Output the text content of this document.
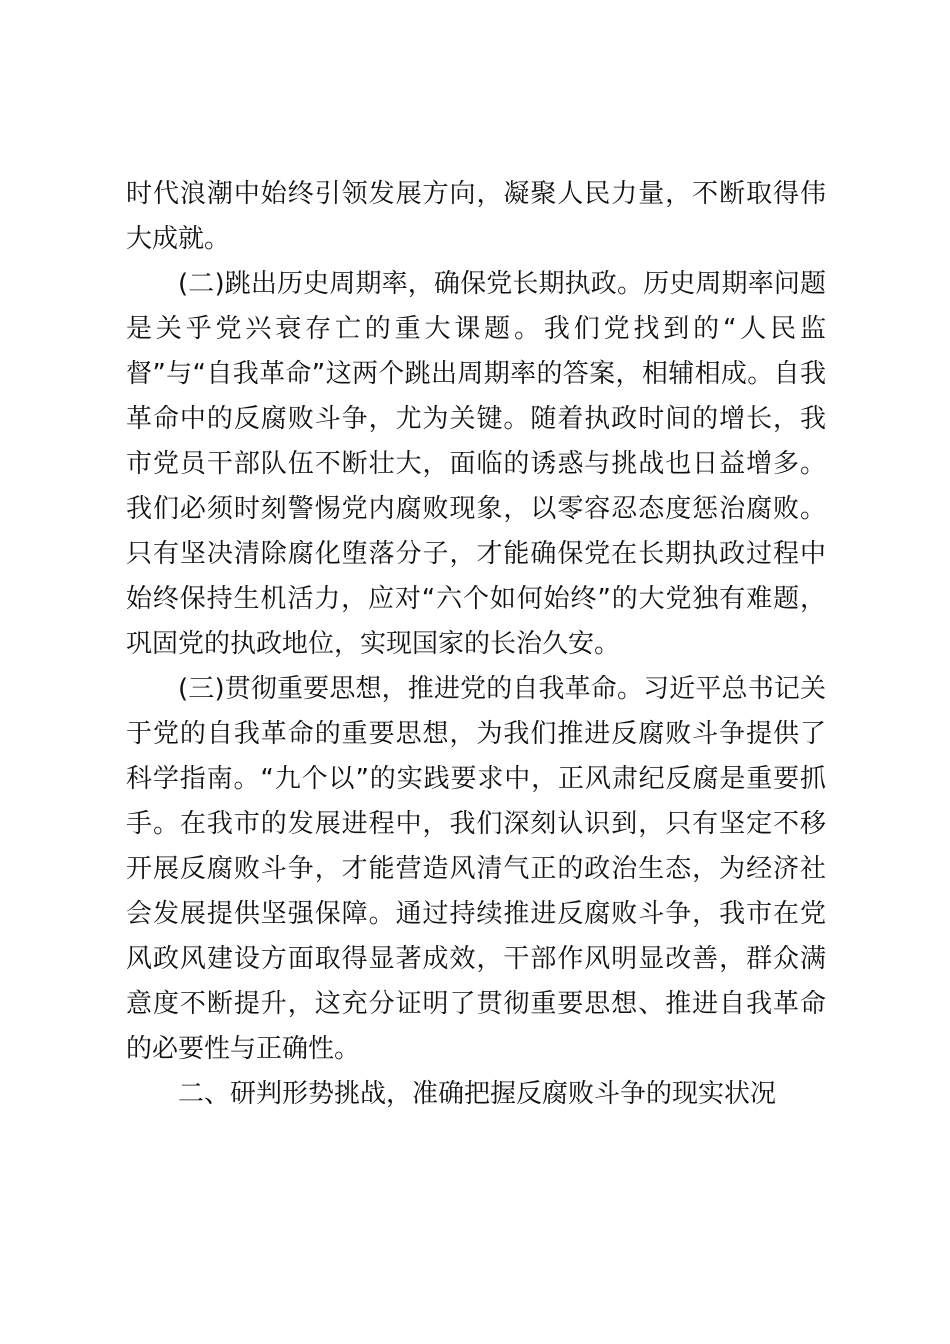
时代浪潮中始终引领发展方向，凝聚人民力量，不断取得伟大成就。

(二)跳出历史周期率，确保党长期执政。历史周期率问题是关乎党兴衰存亡的重大课题。我们党找到的“人民监督”与“自我革命”这两个跳出周期率的答案，相辅相成。自我革命中的反腐败斗争，尤为关键。随着执政时间的增长，我市党员干部队伍不断壮大，面临的诱惑与挑战也日益增多。我们必须时刻警惕党内腐败现象，以零容忍态度惩治腐败。只有坚决清除腐化堕落分子，才能确保党在长期执政过程中始终保持生机活力，应对“六个如何始终”的大党独有难题，巩固党的执政地位，实现国家的长治久安。

(三)贯彻重要思想，推进党的自我革命。习近平总书记关于党的自我革命的重要思想，为我们推进反腐败斗争提供了科学指南。“九个以”的实践要求中，正风肃纪反腐是重要抓手。在我市的发展进程中，我们深刻认识到，只有坚定不移开展反腐败斗争，才能营造风清气正的政治生态，为经济社会发展提供坚强保障。通过持续推进反腐败斗争，我市在党风政风建设方面取得显著成效，干部作风明显改善，群众满意度不断提升，这充分证明了贯彻重要思想、推进自我革命的必要性与正确性。

二、研判形势挑战，准确把握反腐败斗争的现实状况
